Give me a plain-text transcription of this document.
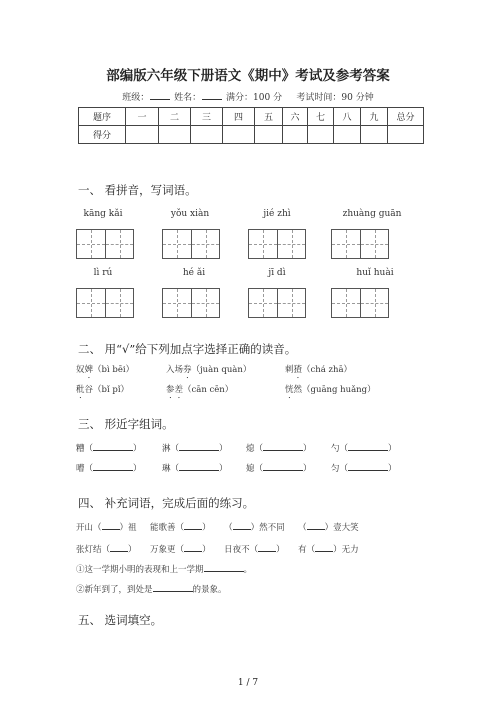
部编版六年级下册语文《期中》考试及参考答案
班级：	姓名：	满分：100 分 考试时间：90 分钟
题序	一	二	三	四	五	六	七	八	九	总分
得分										
一、 看拼音，写词语。
kāng kǎi	yǒu xiàn	jié zhì	zhuàng guān
lì rú	hé ǎi	jī dì	huǐ huài
二、 用“√”给下列加点字选择正确的读音。
奴婢（bì bēi）	入场券（juàn quàn）	刺猹（chá zhā）
秕谷（bǐ pǐ）	参差（cān cēn）	恍然（guāng huǎng）
三、 形近字组词。
糟（	） 淋（	） 熄（	） 勺（	）
嘈（	） 琳（	） 媳（	） 匀（	）
四、 补充词语，完成后面的练习。
开山（ ）祖 能歌善（ ） （ ）然不同 （ ）壹大笑
张灯结（ ） 万象更（ ） 日夜不（ ） 有（ ）无力
①这一学期小明的表现和上一学期	。
②新年到了，到处是	的景象。
五、 选词填空。
1 / 7
